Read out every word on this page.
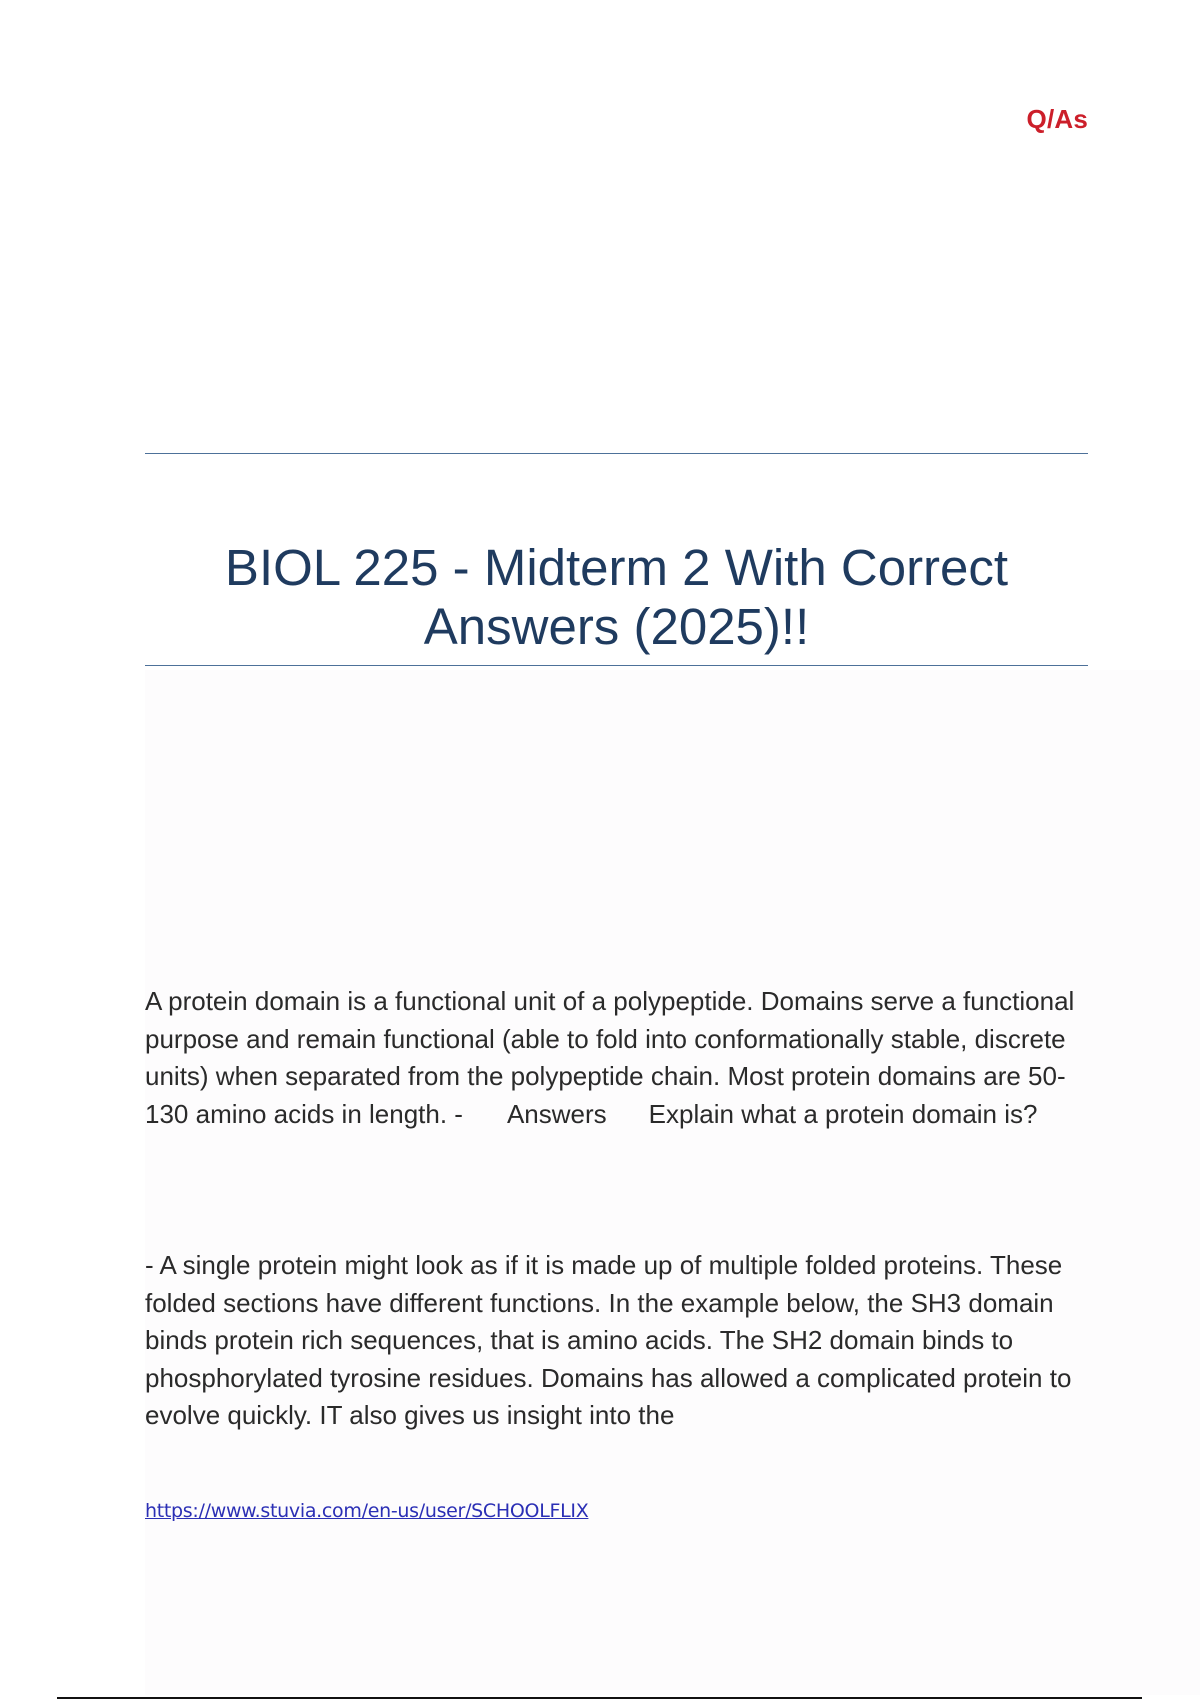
Q/As
BIOL 225 - Midterm 2 With Correct
Answers (2025)!!

A protein domain is a functional unit of a polypeptide. Domains serve a functional purpose and remain functional (able to fold into conformationally stable, discrete units) when separated from the polypeptide chain. Most protein domains are 50-130 amino acids in length. - Answers Explain what a protein domain is?

- A single protein might look as if it is made up of multiple folded proteins. These folded sections have different functions. In the example below, the SH3 domain binds protein rich sequences, that is amino acids. The SH2 domain binds to phosphorylated tyrosine residues. Domains has allowed a complicated protein to evolve quickly. IT also gives us insight into the

https://www.stuvia.com/en-us/user/SCHOOLFLIX
